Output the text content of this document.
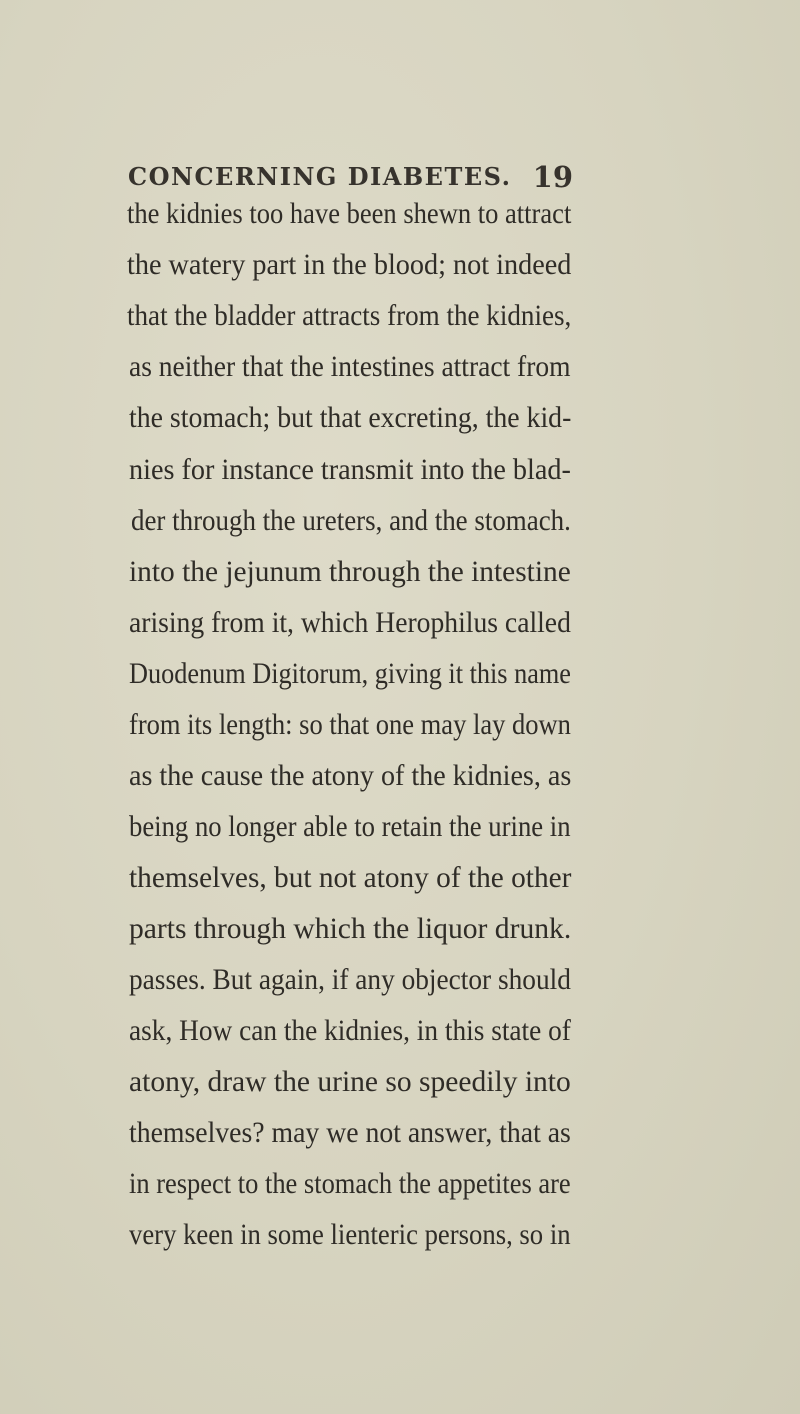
CONCERNING DIABETES. 19
the kidnies too have been shewn to attract
the watery part in the blood; not indeed
that the bladder attracts from the kidnies,
as neither that the intestines attract from
the stomach; but that excreting, the kid-
nies for instance transmit into the blad-
der through the ureters, and the stomach.
into the jejunum through the intestine
arising from it, which Herophilus called
Duodenum Digitorum, giving it this name
from its length: so that one may lay down
as the cause the atony of the kidnies, as
being no longer able to retain the urine in
themselves, but not atony of the other
parts through which the liquor drunk.
passes. But again, if any objector should
ask, How can the kidnies, in this state of
atony, draw the urine so speedily into
themselves? may we not answer, that as
in respect to the stomach the appetites are
very keen in some lienteric persons, so in
